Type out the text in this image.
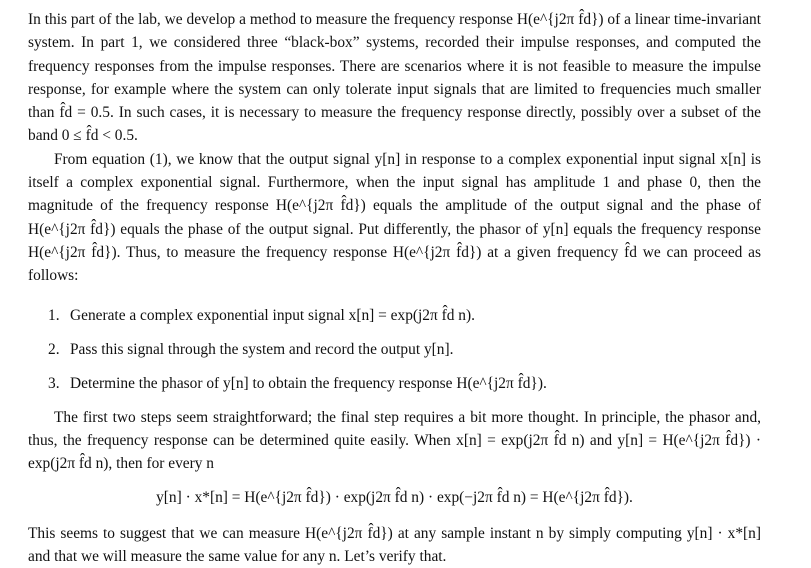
In this part of the lab, we develop a method to measure the frequency response H(e^{j2π f̂d}) of a linear time-invariant system. In part 1, we considered three “black-box” systems, recorded their impulse responses, and computed the frequency responses from the impulse responses. There are scenarios where it is not feasible to measure the impulse response, for example where the system can only tolerate input signals that are limited to frequencies much smaller than f̂d = 0.5. In such cases, it is necessary to measure the frequency response directly, possibly over a subset of the band 0 ≤ f̂d < 0.5.

From equation (1), we know that the output signal y[n] in response to a complex exponential input signal x[n] is itself a complex exponential signal. Furthermore, when the input signal has amplitude 1 and phase 0, then the magnitude of the frequency response H(e^{j2π f̂d}) equals the amplitude of the output signal and the phase of H(e^{j2π f̂d}) equals the phase of the output signal. Put differently, the phasor of y[n] equals the frequency response H(e^{j2π f̂d}). Thus, to measure the frequency response H(e^{j2π f̂d}) at a given frequency f̂d we can proceed as follows:

1. Generate a complex exponential input signal x[n] = exp(j2π f̂d n).
2. Pass this signal through the system and record the output y[n].
3. Determine the phasor of y[n] to obtain the frequency response H(e^{j2π f̂d}).

The first two steps seem straightforward; the final step requires a bit more thought. In principle, the phasor and, thus, the frequency response can be determined quite easily. When x[n] = exp(j2π f̂d n) and y[n] = H(e^{j2π f̂d}) · exp(j2π f̂d n), then for every n

y[n] · x*[n] = H(e^{j2π f̂d}) · exp(j2π f̂d n) · exp(−j2π f̂d n) = H(e^{j2π f̂d}).

This seems to suggest that we can measure H(e^{j2π f̂d}) at any sample instant n by simply computing y[n] · x*[n] and that we will measure the same value for any n. Let’s verify that.
